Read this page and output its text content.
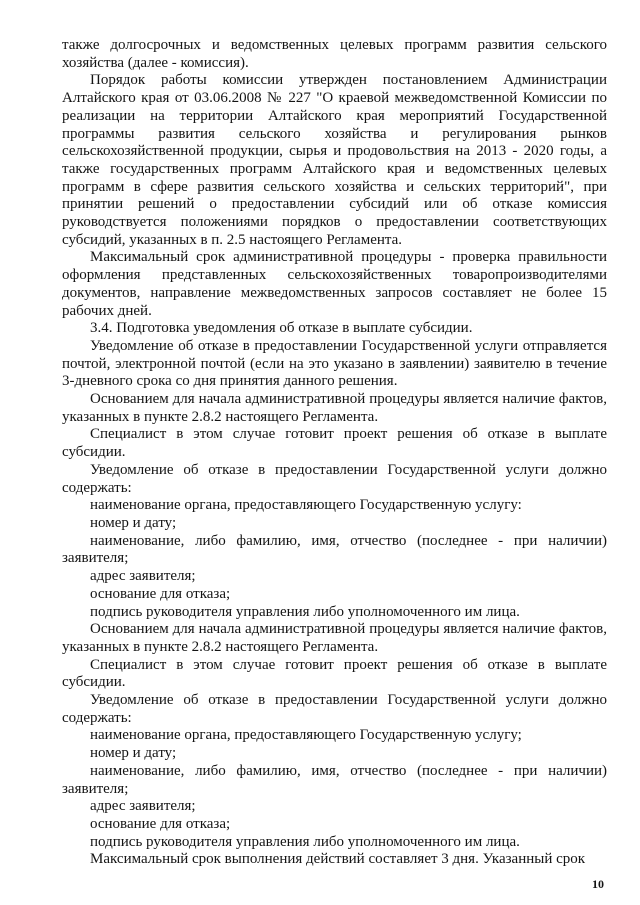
также долгосрочных и ведомственных целевых программ развития сельского хозяйства (далее - комиссия).

Порядок работы комиссии утвержден постановлением Администрации Алтайского края от 03.06.2008 № 227 "О краевой межведомственной Комиссии по реализации на территории Алтайского края мероприятий Государственной программы развития сельского хозяйства и регулирования рынков сельскохозяйственной продукции, сырья и продовольствия на 2013 - 2020 годы, а также государственных программ Алтайского края и ведомственных целевых программ в сфере развития сельского хозяйства и сельских территорий", при принятии решений о предоставлении субсидий или об отказе комиссия руководствуется положениями порядков о предоставлении соответствующих субсидий, указанных в п. 2.5 настоящего Регламента.

Максимальный срок административной процедуры - проверка правильности оформления представленных сельскохозяйственных товаропроизводителями документов, направление межведомственных запросов составляет не более 15 рабочих дней.

3.4. Подготовка уведомления об отказе в выплате субсидии.

Уведомление об отказе в предоставлении Государственной услуги отправляется почтой, электронной почтой (если на это указано в заявлении) заявителю в течение 3-дневного срока со дня принятия данного решения.

Основанием для начала административной процедуры является наличие фактов, указанных в пункте 2.8.2 настоящего Регламента.

Специалист в этом случае готовит проект решения об отказе в выплате субсидии.

Уведомление об отказе в предоставлении Государственной услуги должно содержать:

наименование органа, предоставляющего Государственную услугу:

номер и дату;

наименование, либо фамилию, имя, отчество (последнее - при наличии) заявителя;

адрес заявителя;

основание для отказа;

подпись руководителя управления либо уполномоченного им лица.

Основанием для начала административной процедуры является наличие фактов, указанных в пункте 2.8.2 настоящего Регламента.

Специалист в этом случае готовит проект решения об отказе в выплате субсидии.

Уведомление об отказе в предоставлении Государственной услуги должно содержать:

наименование органа, предоставляющего Государственную услугу;

номер и дату;

наименование, либо фамилию, имя, отчество (последнее - при наличии) заявителя;

адрес заявителя;

основание для отказа;

подпись руководителя управления либо уполномоченного им лица.

Максимальный срок выполнения действий составляет 3 дня. Указанный срок

10
